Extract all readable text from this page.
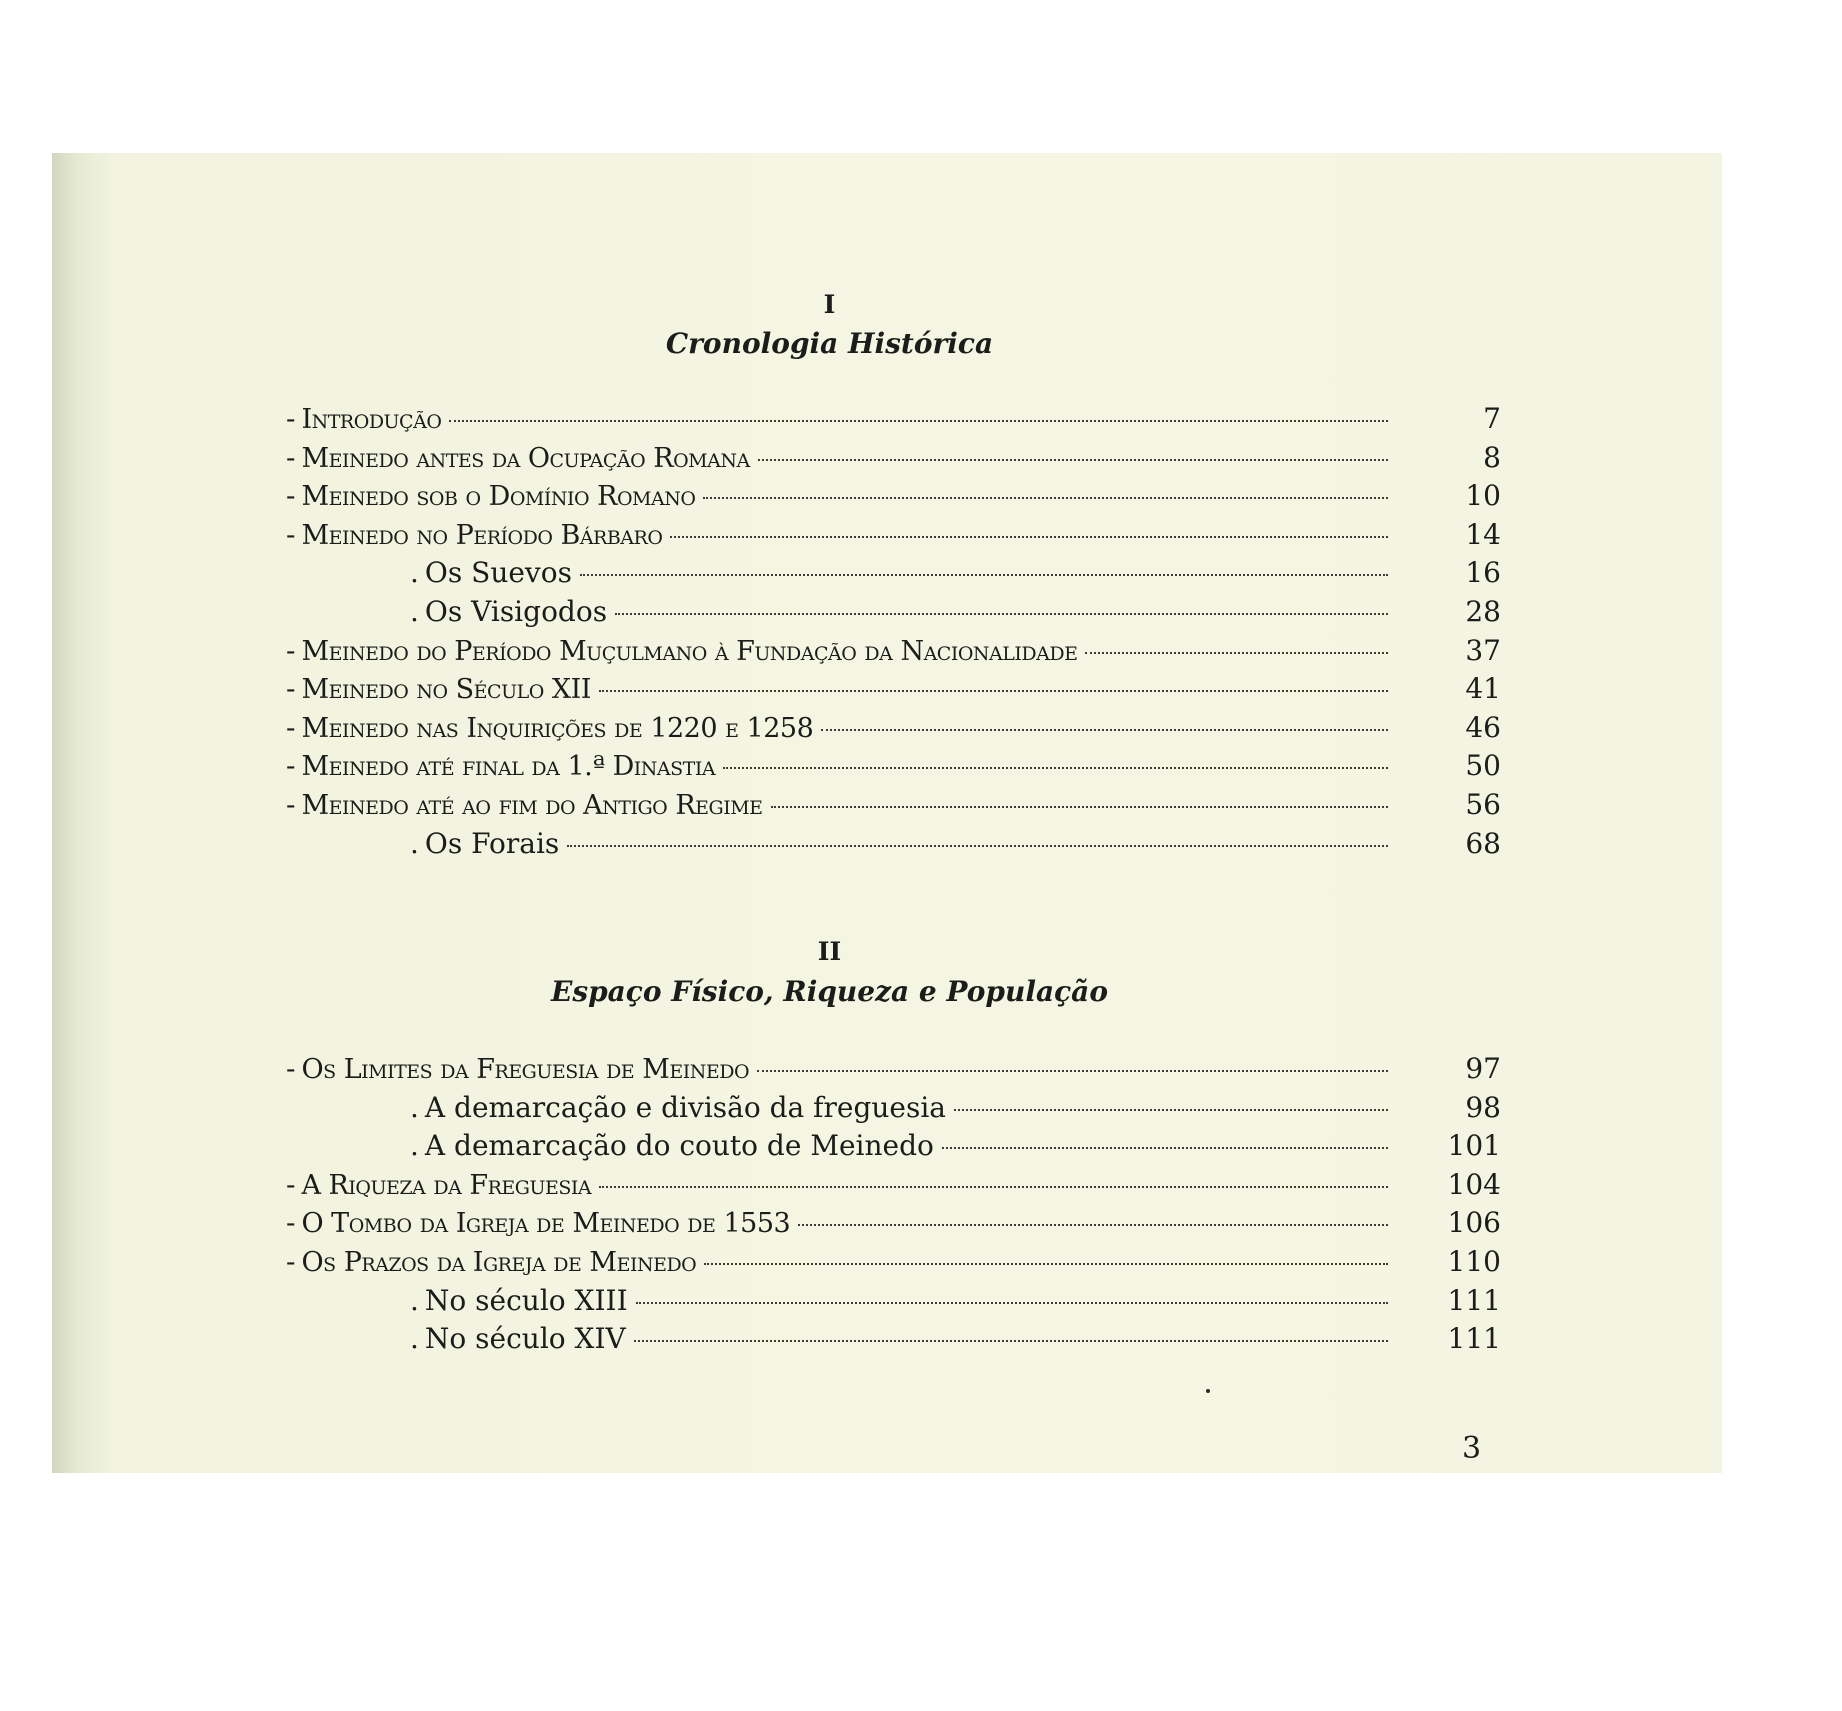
I
Cronologia Histórica
- Introdução	7
- Meinedo antes da Ocupação Romana	8
- Meinedo sob o Domínio Romano	10
- Meinedo no Período Bárbaro	14
. Os Suevos	16
. Os Visigodos	28
- Meinedo do Período Muçulmano à Fundação da Nacionalidade	37
- Meinedo no Século XII	41
- Meinedo nas Inquirições de 1220 e 1258	46
- Meinedo até final da 1.ª Dinastia	50
- Meinedo até ao fim do Antigo Regime	56
. Os Forais	68
II
Espaço Físico, Riqueza e População
- Os Limites da Freguesia de Meinedo	97
. A demarcação e divisão da freguesia	98
. A demarcação do couto de Meinedo	101
- A Riqueza da Freguesia	104
- O Tombo da Igreja de Meinedo de 1553	106
- Os Prazos da Igreja de Meinedo	110
. No século XIII	111
. No século XIV	111
3
